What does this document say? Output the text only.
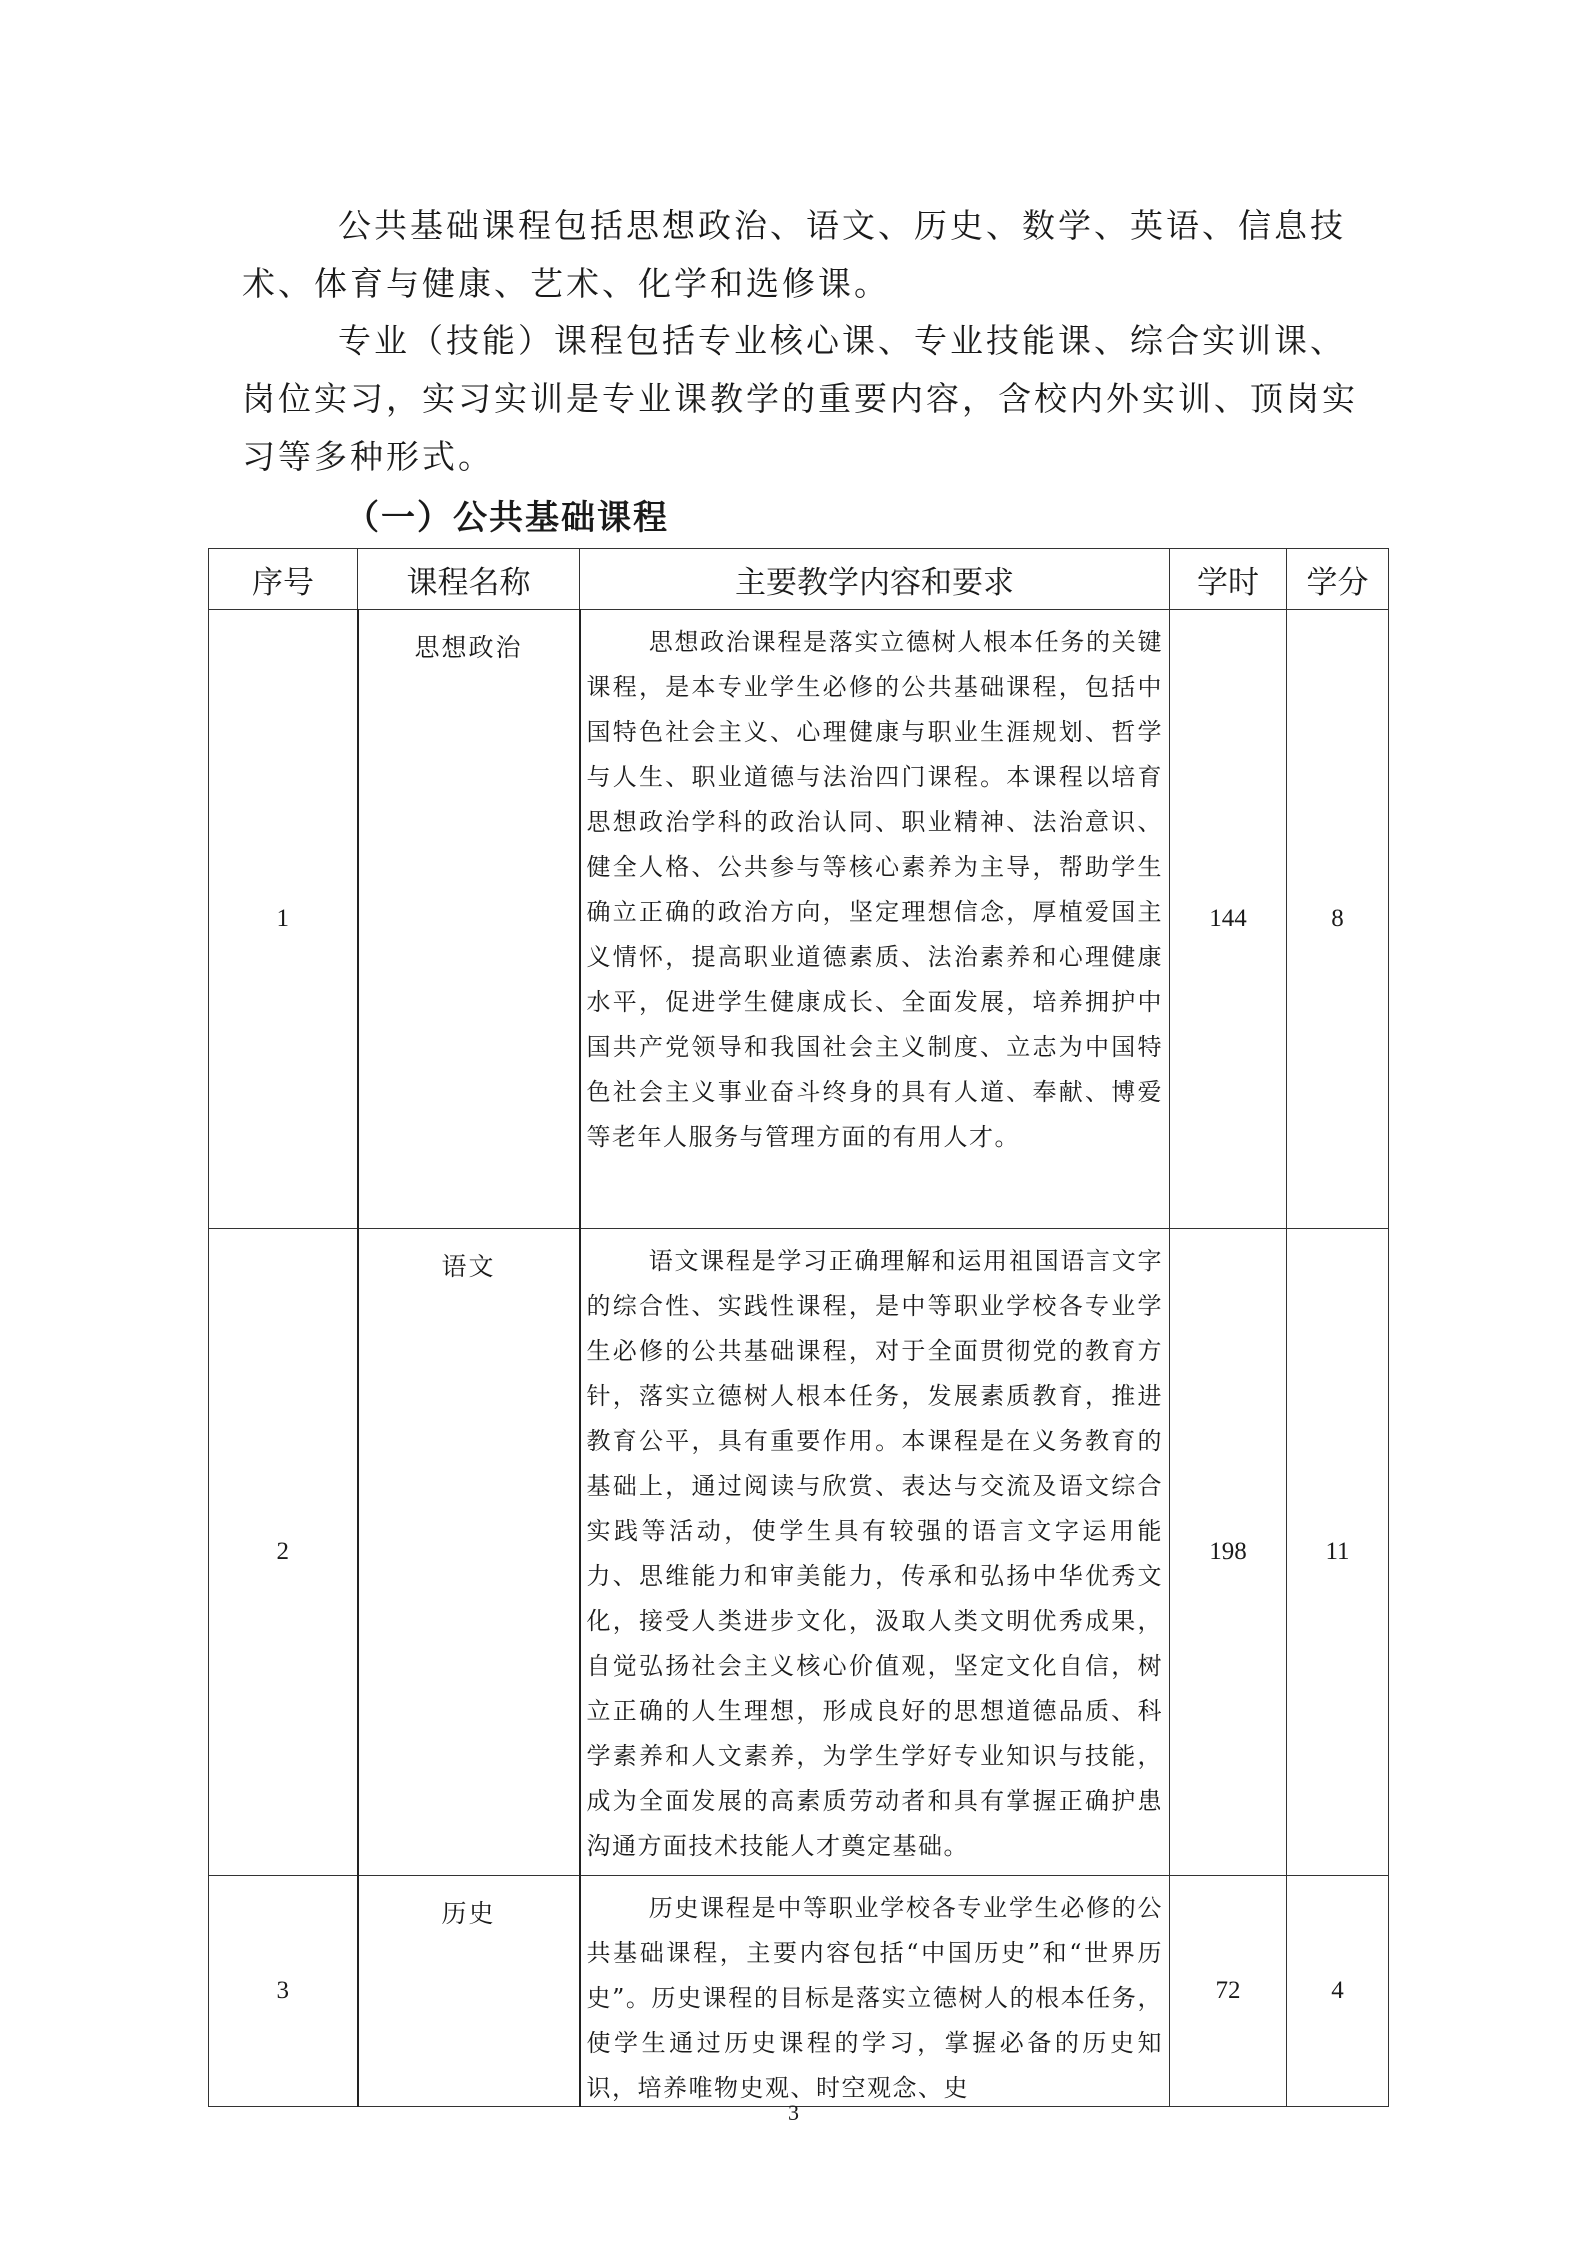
公共基础课程包括思想政治、语文、历史、数学、英语、信息技术、体育与健康、艺术、化学和选修课。

专业（技能）课程包括专业核心课、专业技能课、综合实训课、岗位实习，实习实训是专业课教学的重要内容，含校内外实训、顶岗实习等多种形式。

（一）公共基础课程
序号	课程名称	主要教学内容和要求	学时	学分
1	思想政治	思想政治课程是落实立德树人根本任务的关键课程，是本专业学生必修的公共基础课程，包括中国特色社会主义、心理健康与职业生涯规划、哲学与人生、职业道德与法治四门课程。本课程以培育思想政治学科的政治认同、职业精神、法治意识、健全人格、公共参与等核心素养为主导，帮助学生确立正确的政治方向，坚定理想信念，厚植爱国主义情怀，提高职业道德素质、法治素养和心理健康水平，促进学生健康成长、全面发展，培养拥护中国共产党领导和我国社会主义制度、立志为中国特色社会主义事业奋斗终身的具有人道、奉献、博爱等老年人服务与管理方面的有用人才。	144	8
2	语文	语文课程是学习正确理解和运用祖国语言文字的综合性、实践性课程，是中等职业学校各专业学生必修的公共基础课程，对于全面贯彻党的教育方针，落实立德树人根本任务，发展素质教育，推进教育公平，具有重要作用。本课程是在义务教育的基础上，通过阅读与欣赏、表达与交流及语文综合实践等活动，使学生具有较强的语言文字运用能力、思维能力和审美能力，传承和弘扬中华优秀文化，接受人类进步文化，汲取人类文明优秀成果，自觉弘扬社会主义核心价值观，坚定文化自信，树立正确的人生理想，形成良好的思想道德品质、科学素养和人文素养，为学生学好专业知识与技能，成为全面发展的高素质劳动者和具有掌握正确护患沟通方面技术技能人才奠定基础。	198	11
3	历史	历史课程是中等职业学校各专业学生必修的公共基础课程，主要内容包括“中国历史”和“世界历史”。历史课程的目标是落实立德树人的根本任务，使学生通过历史课程的学习，掌握必备的历史知识，培养唯物史观、时空观念、史	72	4
3
